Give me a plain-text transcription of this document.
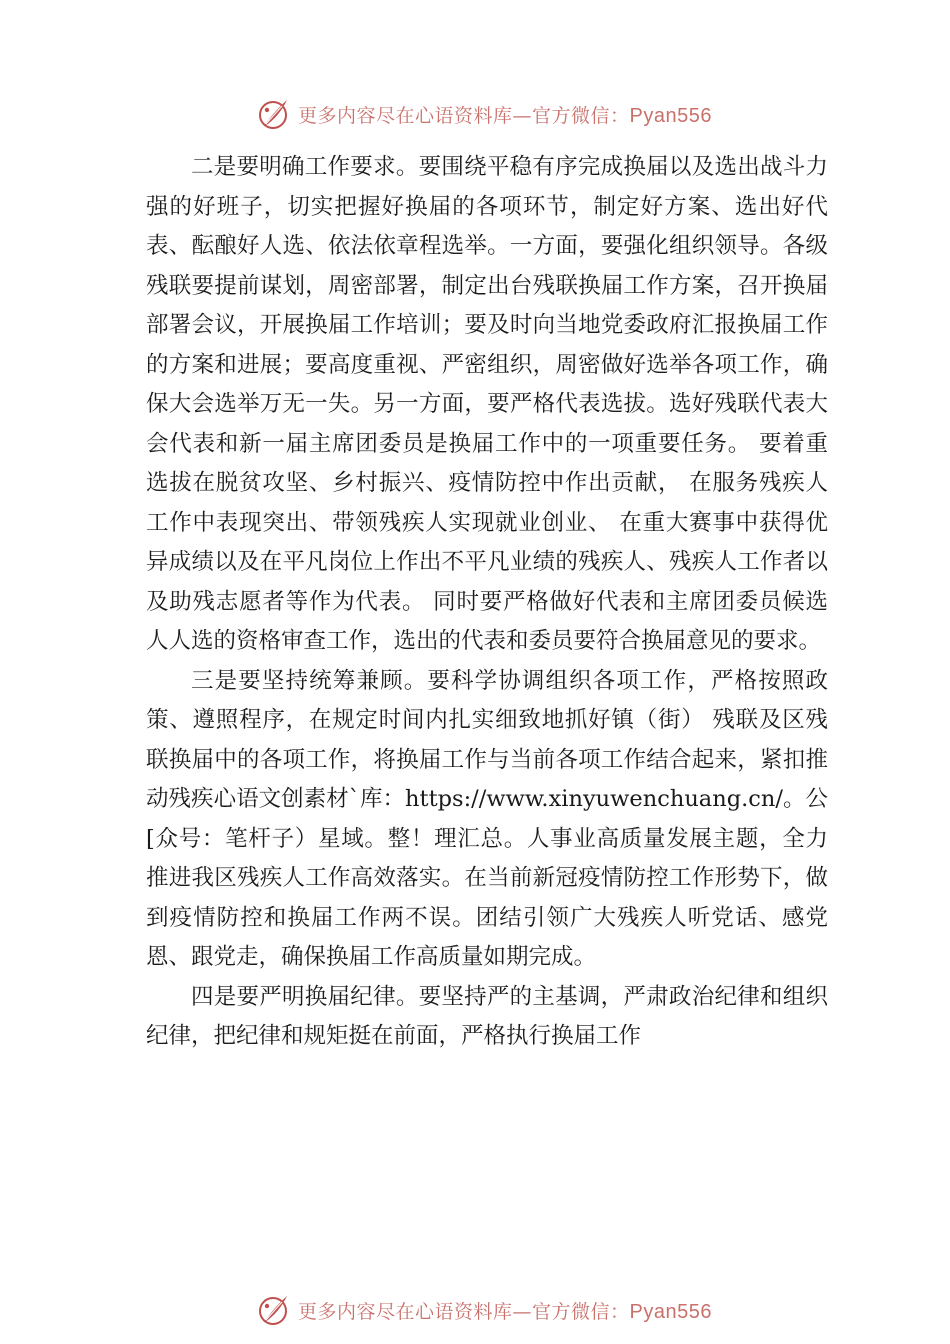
更多内容尽在心语资料库—官方微信：Pyan556

二是要明确工作要求。要围绕平稳有序完成换届以及选出战斗力强的好班子，切实把握好换届的各项环节，制定好方案、选出好代表、酝酿好人选、依法依章程选举。一方面，要强化组织领导。各级残联要提前谋划，周密部署，制定出台残联换届工作方案，召开换届部署会议，开展换届工作培训；要及时向当地党委政府汇报换届工作的方案和进展；要高度重视、严密组织，周密做好选举各项工作，确保大会选举万无一失。另一方面，要严格代表选拔。选好残联代表大会代表和新一届主席团委员是换届工作中的一项重要任务。 要着重选拔在脱贫攻坚、乡村振兴、疫情防控中作出贡献， 在服务残疾人工作中表现突出、带领残疾人实现就业创业、 在重大赛事中获得优异成绩以及在平凡岗位上作出不平凡业绩的残疾人、残疾人工作者以及助残志愿者等作为代表。 同时要严格做好代表和主席团委员候选人人选的资格审查工作，选出的代表和委员要符合换届意见的要求。

三是要坚持统筹兼顾。要科学协调组织各项工作，严格按照政策、遵照程序，在规定时间内扎实细致地抓好镇（街） 残联及区残联换届中的各项工作，将换届工作与当前各项工作结合起来，紧扣推动残疾心语文创素材`库：https://www.xinyuwenchuang.cn/。公[众号：笔杆子）星域。整！理汇总。人事业高质量发展主题，全力推进我区残疾人工作高效落实。在当前新冠疫情防控工作形势下，做到疫情防控和换届工作两不误。团结引领广大残疾人听党话、感党恩、跟党走，确保换届工作高质量如期完成。

四是要严明换届纪律。要坚持严的主基调，严肃政治纪律和组织纪律，把纪律和规矩挺在前面，严格执行换届工作

更多内容尽在心语资料库—官方微信：Pyan556
